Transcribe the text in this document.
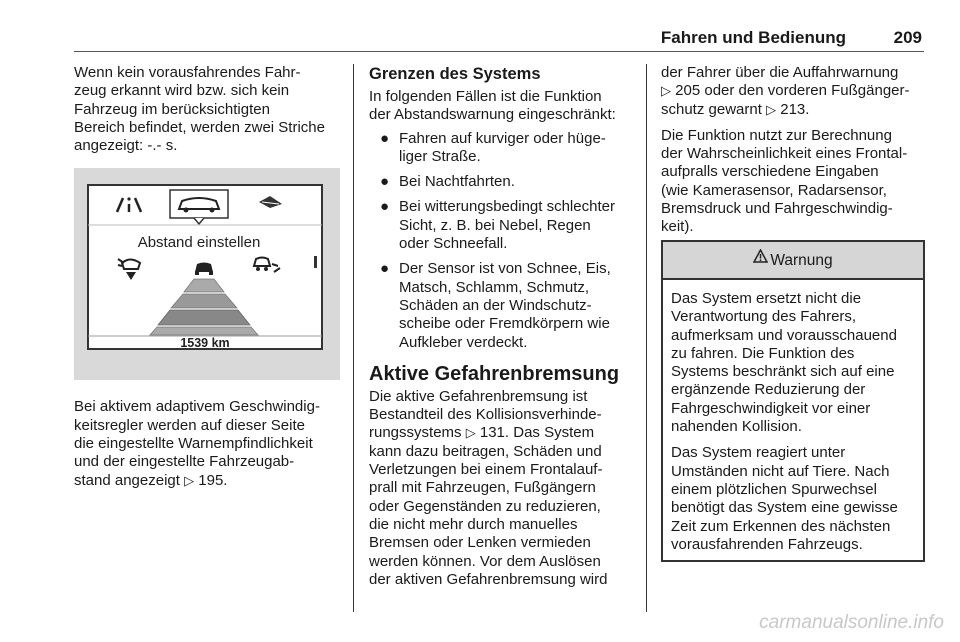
Fahren und Bedienung	209

Wenn kein vorausfahrendes Fahr-
zeug erkannt wird bzw. sich kein
Fahrzeug im berücksichtigten
Bereich befindet, werden zwei Striche
angezeigt: -.- s.

Abstand einstellen
1539 km

Bei aktivem adaptivem Geschwindig-
keitsregler werden auf dieser Seite
die eingestellte Warnempfindlichkeit
und der eingestellte Fahrzeugab-
stand angezeigt ▷ 195.

Grenzen des Systems

In folgenden Fällen ist die Funktion
der Abstandswarnung eingeschränkt:

● Fahren auf kurviger oder hüge-
liger Straße.
● Bei Nachtfahrten.
● Bei witterungsbedingt schlechter
Sicht, z. B. bei Nebel, Regen
oder Schneefall.
● Der Sensor ist von Schnee, Eis,
Matsch, Schlamm, Schmutz,
Schäden an der Windschutz-
scheibe oder Fremdkörpern wie
Aufkleber verdeckt.
Aktive Gefahrenbremsung

Die aktive Gefahrenbremsung ist
Bestandteil des Kollisionsverhinde-
rungssystems ▷ 131. Das System
kann dazu beitragen, Schäden und
Verletzungen bei einem Frontalauf-
prall mit Fahrzeugen, Fußgängern
oder Gegenständen zu reduzieren,
die nicht mehr durch manuelles
Bremsen oder Lenken vermieden
werden können. Vor dem Auslösen
der aktiven Gefahrenbremsung wird

der Fahrer über die Auffahrwarnung
▷ 205 oder den vorderen Fußgänger-
schutz gewarnt ▷ 213.

Die Funktion nutzt zur Berechnung
der Wahrscheinlichkeit eines Frontal-
aufpralls verschiedene Eingaben
(wie Kamerasensor, Radarsensor,
Bremsdruck und Fahrgeschwindig-
keit).

Warnung

Das System ersetzt nicht die
Verantwortung des Fahrers,
aufmerksam und vorausschauend
zu fahren. Die Funktion des
Systems beschränkt sich auf eine
ergänzende Reduzierung der
Fahrgeschwindigkeit vor einer
nahenden Kollision.

Das System reagiert unter
Umständen nicht auf Tiere. Nach
einem plötzlichen Spurwechsel
benötigt das System eine gewisse
Zeit zum Erkennen des nächsten
vorausfahrenden Fahrzeugs.

carmanualsonline.info
